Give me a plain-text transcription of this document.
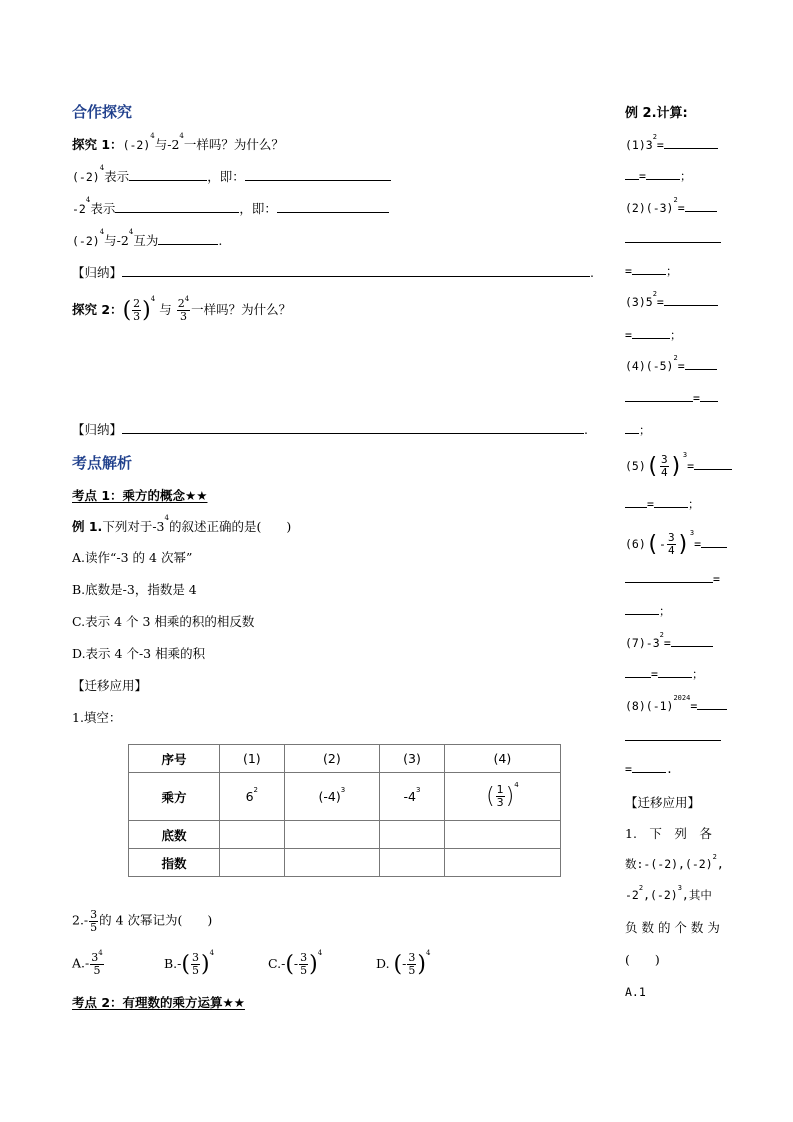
合作探究
探究 1：$(-2)^4$与$-2^4$一样吗？为什么？
$(-2)^4$表示	，即：
$-2^4$表示	，即：
$(-2)^4$与$-2^4$互为	.
【归纳】	.
探究 2：( $\frac{2}{3} )^4$ 与 $\frac{2^4}{3}$ 一样吗？为什么？
【归纳】	.
考点解析
考点 1：乘方的概念★★
例 1.下列对于$-3^4$的叙述正确的是(　　)
A.读作“-3 的 4 次幂”
B.底数是-3，指数是 4
C.表示 4 个 3 相乘的积的相反数
D.表示 4 个-3 相乘的积
【迁移应用】
1.填空：
序号	(1)	(2)	(3)	(4)
乘方	$6^2$	$(-4)^3$	$-4^3$	( $\frac{1}{3} )^4$
底数				
指数				
$2.- \frac{3}{5}$ 的 4 次幂记为(　　)
$A.- \frac{3^4}{5}$	$B.-( \frac{3}{5} )^4$
$C.-(- \frac{3}{5} )^4$
D. (- $\frac{3}{5} )^4$
考点 2：有理数的乘方运算★★
例 2.计算:
$(1)3^2=$
=	；
$(2)(-3)^2=$
=	；
$(3)5^2=$
=	；
$(4)(-5)^2=$
=
；
$(5)( \frac{3}{4} )^3=$
=	；
$(6)(- \frac{3}{4} )^3=$
=
；
$(7)-3^2=$
=	；
$(8)(-1)^{2024}=$
=	.
【迁移应用】
1.　下　列　各
数$:-(-2),(-2)^2$,
$-2^2,(-2)^3$,其中
负 数 的 个 数 为
(　　)
A.1
